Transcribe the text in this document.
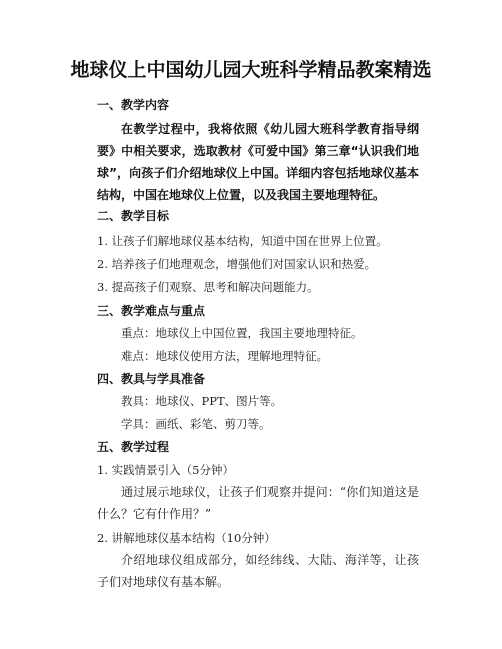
地球仪上中国幼儿园大班科学精品教案精选
一、教学内容
在教学过程中，我将依照《幼儿园大班科学教育指导纲要》中相关要求，选取教材《可爱中国》第三章“认识我们地球”，向孩子们介绍地球仪上中国。详细内容包括地球仪基本结构，中国在地球仪上位置，以及我国主要地理特征。
二、教学目标
1. 让孩子们解地球仪基本结构，知道中国在世界上位置。
2. 培养孩子们地理观念，增强他们对国家认识和热爱。
3. 提高孩子们观察、思考和解决问题能力。
三、教学难点与重点
重点：地球仪上中国位置，我国主要地理特征。
难点：地球仪使用方法，理解地理特征。
四、教具与学具准备
教具：地球仪、PPT、图片等。
学具：画纸、彩笔、剪刀等。
五、教学过程
1. 实践情景引入（5分钟）
通过展示地球仪，让孩子们观察并提问：“你们知道这是什么？它有什作用？”
2. 讲解地球仪基本结构（10分钟）
介绍地球仪组成部分，如经纬线、大陆、海洋等，让孩子们对地球仪有基本解。
